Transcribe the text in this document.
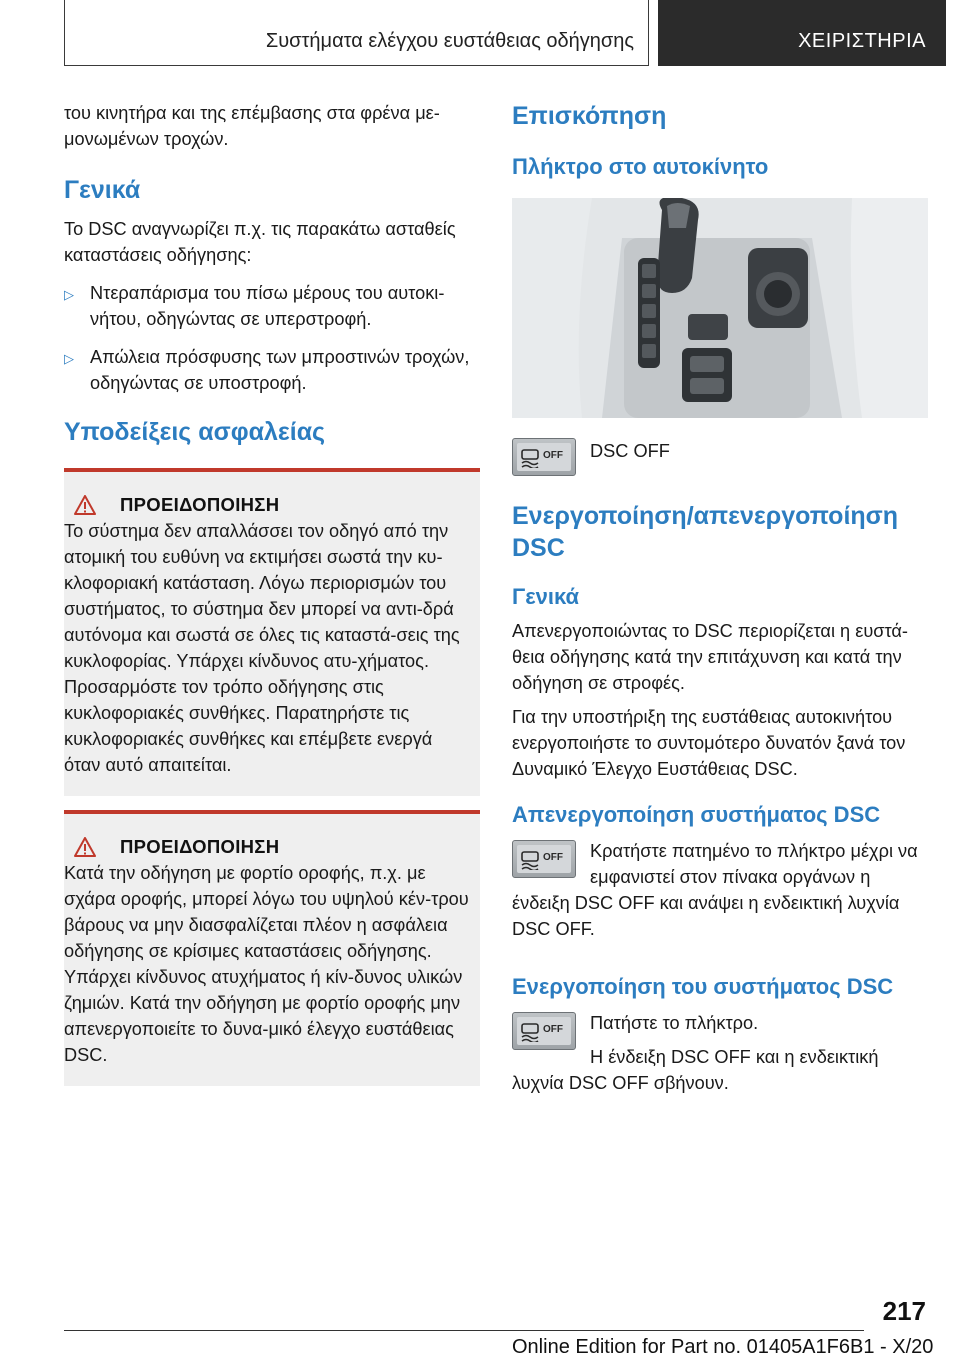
Συστήματα ελέγχου ευστάθειας οδήγησης	ΧΕΙΡΙΣΤΗΡΙΑ

του κινητήρα και της επέμβασης στα φρένα με-μονωμένων τροχών.

Γενικά

Το DSC αναγνωρίζει π.χ. τις παρακάτω ασταθείς καταστάσεις οδήγησης:

▷ Ντεραπάρισμα του πίσω μέρους του αυτοκι-νήτου, οδηγώντας σε υπερστροφή.
▷ Απώλεια πρόσφυσης των μπροστινών τροχών, οδηγώντας σε υποστροφή.
Υποδείξεις ασφαλείας
ΠΡΟΕΙΔΟΠΟΙΗΣΗ

Το σύστημα δεν απαλλάσσει τον οδηγό από την ατομική του ευθύνη να εκτιμήσει σωστά την κυ-κλοφοριακή κατάσταση. Λόγω περιορισμών του συστήματος, το σύστημα δεν μπορεί να αντι-δρά αυτόνομα και σωστά σε όλες τις καταστά-σεις της κυκλοφορίας. Υπάρχει κίνδυνος ατυ-χήματος. Προσαρμόστε τον τρόπο οδήγησης στις κυκλοφοριακές συνθήκες. Παρατηρήστε τις κυκλοφοριακές συνθήκες και επέμβετε ενεργά όταν αυτό απαιτείται.

ΠΡΟΕΙΔΟΠΟΙΗΣΗ

Κατά την οδήγηση με φορτίο οροφής, π.χ. με σχάρα οροφής, μπορεί λόγω του υψηλού κέν-τρου βάρους να μην διασφαλίζεται πλέον η ασφάλεια οδήγησης σε κρίσιμες καταστάσεις οδήγησης. Υπάρχει κίνδυνος ατυχήματος ή κίν-δυνος υλικών ζημιών. Κατά την οδήγηση με φορτίο οροφής μην απενεργοποιείτε το δυνα-μικό έλεγχο ευστάθειας DSC.

Επισκόπηση
Πλήκτρο στο αυτοκίνητο
OFF	DSC OFF

Ενεργοποίηση/απενεργοποίηση DSC
Γενικά

Απενεργοποιώντας το DSC περιορίζεται η ευστά-θεια οδήγησης κατά την επιτάχυνση και κατά την οδήγηση σε στροφές.

Για την υποστήριξη της ευστάθειας αυτοκινήτου ενεργοποιήστε το συντομότερο δυνατόν ξανά τον Δυναμικό Έλεγχο Ευστάθειας DSC.

Απενεργοποίηση συστήματος DSC
OFF	Κρατήστε πατημένο το πλήκτρο μέχρι να εμφανιστεί στον πίνακα οργάνων η ένδειξη DSC OFF και ανάψει η ενδεικτική λυχνία DSC OFF.

Ενεργοποίηση του συστήματος DSC
OFF	Πατήστε το πλήκτρο.

Η ένδειξη DSC OFF και η ενδεικτική λυχνία DSC OFF σβήνουν.

217
Online Edition for Part no. 01405A1F6B1 - X/20
